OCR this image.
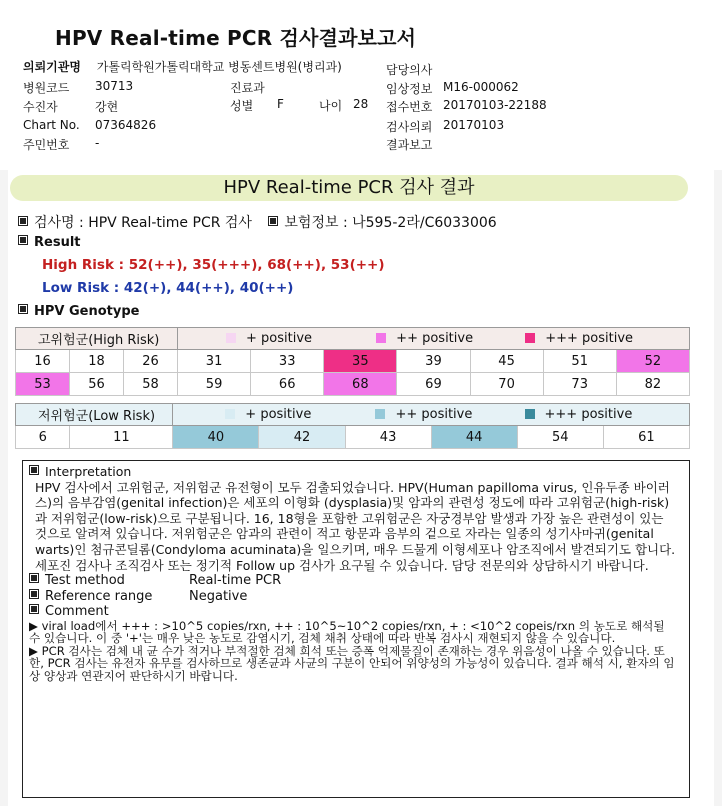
HPV Real-time PCR 검사결과보고서
의뢰기관명 가톨릭학원가톨릭대학교 병동센트병원(병리과)
병원코드 30713
수진자	강현
Chart No. 07364826
주민번호 -
진료과
성별 F	나이 28
담당의사
임상정보 M16-000062
접수번호 20170103-22188
검사의뢰 20170103
결과보고
HPV Real-time PCR 검사 결과
검사명 : HPV Real-time PCR 검사 보험정보 : 나595-2라/C6033006
Result
High Risk : 52(++), 35(+++), 68(++), 53(++)
Low Risk : 42(+), 44(++), 40(++)
HPV Genotype
고위험군(High Risk)			+ positive ++ positive +++ positive						
16	18	26	31	33	35	39	45	51	52
53	56	58	59	66	68	69	70	73	82
저위험군(Low Risk)		+ positive ++ positive +++ positive					
6	11	40	42	43	44	54	61

Interpretation

HPV 검사에서 고위험군, 저위험군 유전형이 모두 검출되었습니다. HPV(Human papilloma virus, 인유두종 바이러스)의 음부감염(genital infection)은 세포의 이형화 (dysplasia)및 암과의 관련성 정도에 따라 고위험군(high-risk)과 저위험군(low-risk)으로 구분됩니다. 16, 18형을 포함한 고위험군은 자궁경부암 발생과 가장 높은 관련성이 있는 것으로 알려져 있습니다. 저위험군은 암과의 관련이 적고 항문과 음부의 겉으로 자라는 일종의 성기사마귀(genital warts)인 첨규콘딜롬(Condyloma acuminata)을 일으키며, 매우 드물게 이형세포나 암조직에서 발견되기도 합니다. 세포진 검사나 조직검사 또는 정기적 Follow up 검사가 요구될 수 있습니다. 담당 전문의와 상담하시기 바랍니다.

Test method	Real-time PCR

Reference range	Negative

Comment

▶ viral load에서 +++ : >10^5 copies/rxn, ++ : 10^5~10^2 copies/rxn, + : <10^2 copeis/rxn 의 농도로 해석될 수 있습니다. 이 중 '+'는 매우 낮은 농도로 감염시기, 검체 채취 상태에 따라 반복 검사시 재현되지 않을 수 있습니다.

▶ PCR 검사는 검체 내 균 수가 적거나 부적절한 검체 희석 또는 증폭 억제물질이 존재하는 경우 위음성이 나올 수 있습니다. 또한, PCR 검사는 유전자 유무를 검사하므로 생존균과 사균의 구분이 안되어 위양성의 가능성이 있습니다. 결과 해석 시, 환자의 임상 양상과 연관지어 판단하시기 바랍니다.
